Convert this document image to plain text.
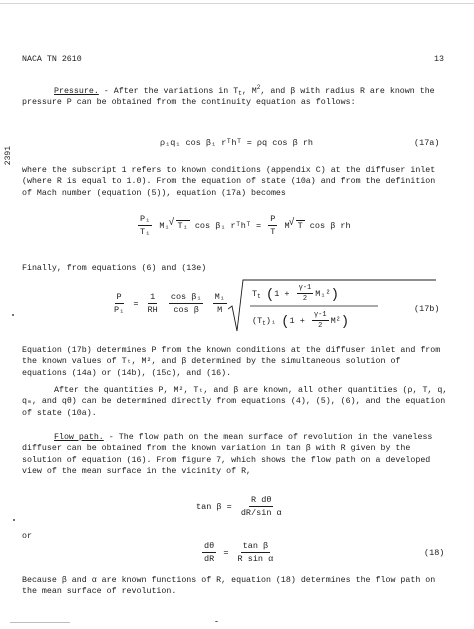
NACA TN 2610	13
2391
Pressure. - After the variations in $T_t$, $M^2$, and β with radius R are known the pressure P can be obtained from the continuity equation as follows:
ρ₁q₁ cos β₁ rᵀhᵀ = ρq cos β rh	(17a)
where the subscript 1 refers to known conditions (appendix C) at the diffuser inlet (where R is equal to 1.0). From the equation of state (10a) and from the definition of Mach number (equation (5)), equation (17a) becomes
$\frac{\text{P₁}}{\text{T₁}} M_1√$ T₁ cos β₁ rᵀhᵀ = $\frac{P}{T} M√$ T cos β rh
Finally, from equations (6) and (13e)
$\frac{P}{\text{P₁}} = \frac{1}{RH}$
$\frac{\text{cos β₁}}{\text{cos β}}$
$\frac{\text{M₁}}{M}$	$T_t$ $(1 + \frac{\gamma-1}{2} M_1^2)$
$(T_t)_1$ $(1 + \frac{\gamma-1}{2} M^2)$
(17b)
Equation (17b) determines P from the known conditions at the diffuser inlet and from the known values of Tₜ, M², and β determined by the simultaneous solution of equations (14a) or (14b), (15c), and (16).
After the quantities P, M², Tₜ, and β are known, all other quantities (ρ, T, q, qₘ, and qθ) can be determined directly from equations (4), (5), (6), and the equation of state (10a).
Flow path. - The flow path on the mean surface of revolution in the vaneless diffuser can be obtained from the known variation in tan β with R given by the solution of equation (16). From figure 7, which shows the flow path on a developed view of the mean surface in the vicinity of R,
$\tan \beta = \frac{\text{R dθ}}{\text{dR/sin α}}$
or
$\frac{d\theta}{dR} = \frac{\text{tan β}}{\text{R sin α}}$	(18)
Because β and α are known functions of R, equation (18) determines the flow path on the mean surface of revolution.
